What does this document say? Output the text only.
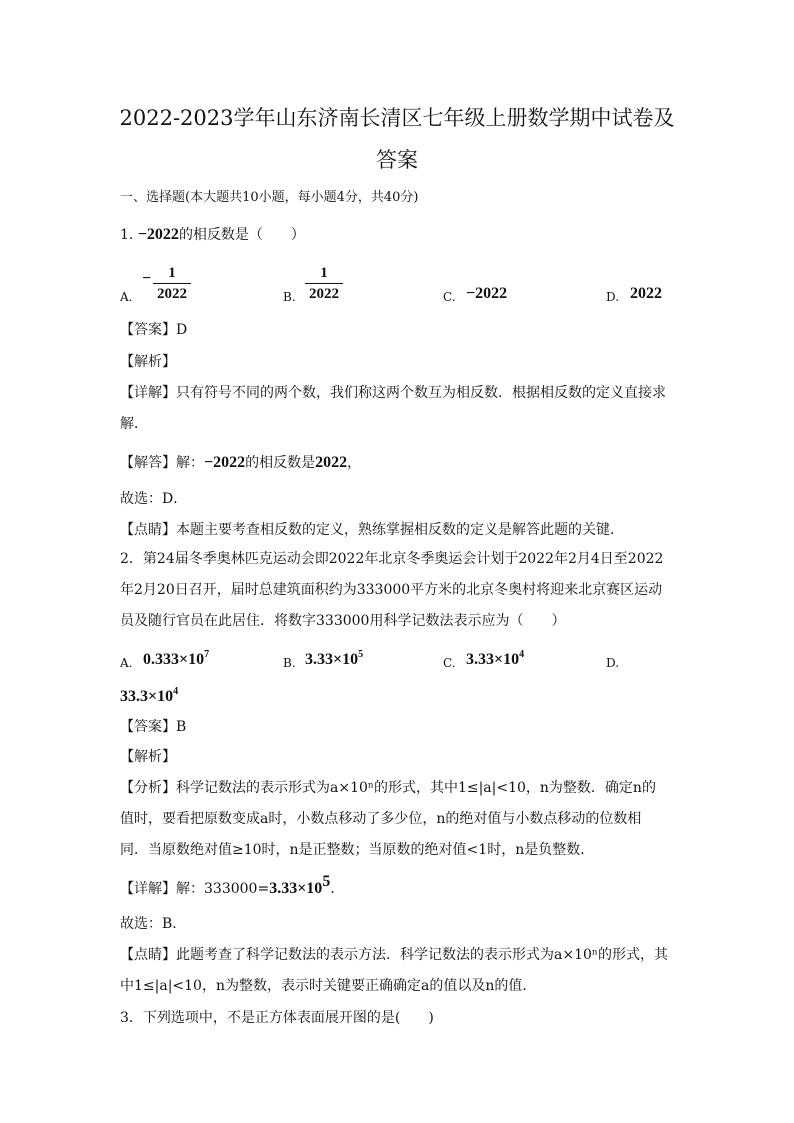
2022-2023学年山东济南长清区七年级上册数学期中试卷及
答案
一、选择题(本大题共10小题，每小题4分，共40分)
1. −2022的相反数是（　　）
A.
−	1
2022	B.
1
2022	C. −2022	D. 2022
【答案】D
【解析】
【详解】只有符号不同的两个数，我们称这两个数互为相反数．根据相反数的定义直接求
解．
【解答】解：−2022的相反数是2022，
故选：D．
【点睛】本题主要考查相反数的定义，熟练掌握相反数的定义是解答此题的关键．
2．第24届冬季奥林匹克运动会即2022年北京冬季奥运会计划于2022年2月4日至2022
年2月20日召开，届时总建筑面积约为333000平方米的北京冬奥村将迎来北京赛区运动
员及随行官员在此居住．将数字333000用科学记数法表示应为（　　）
A. $0.333\times 10^7$
B. $3.33\times 10^5$
C. $3.33\times 10^4$
D.
$33.3\times 10^4$
【答案】B
【解析】
【分析】科学记数法的表示形式为a×10ⁿ的形式，其中1≤|a|<10，n为整数．确定n的
值时，要看把原数变成a时，小数点移动了多少位，n的绝对值与小数点移动的位数相
同．当原数绝对值≥10时，n是正整数；当原数的绝对值<1时，n是负整数．
【详解】解：$333000=3.33\times 10^5$．
故选：B．
【点睛】此题考查了科学记数法的表示方法．科学记数法的表示形式为a×10ⁿ的形式，其
中1≤|a|<10，n为整数，表示时关键要正确确定a的值以及n的值．
3．下列选项中，不是正方体表面展开图的是(　　)
